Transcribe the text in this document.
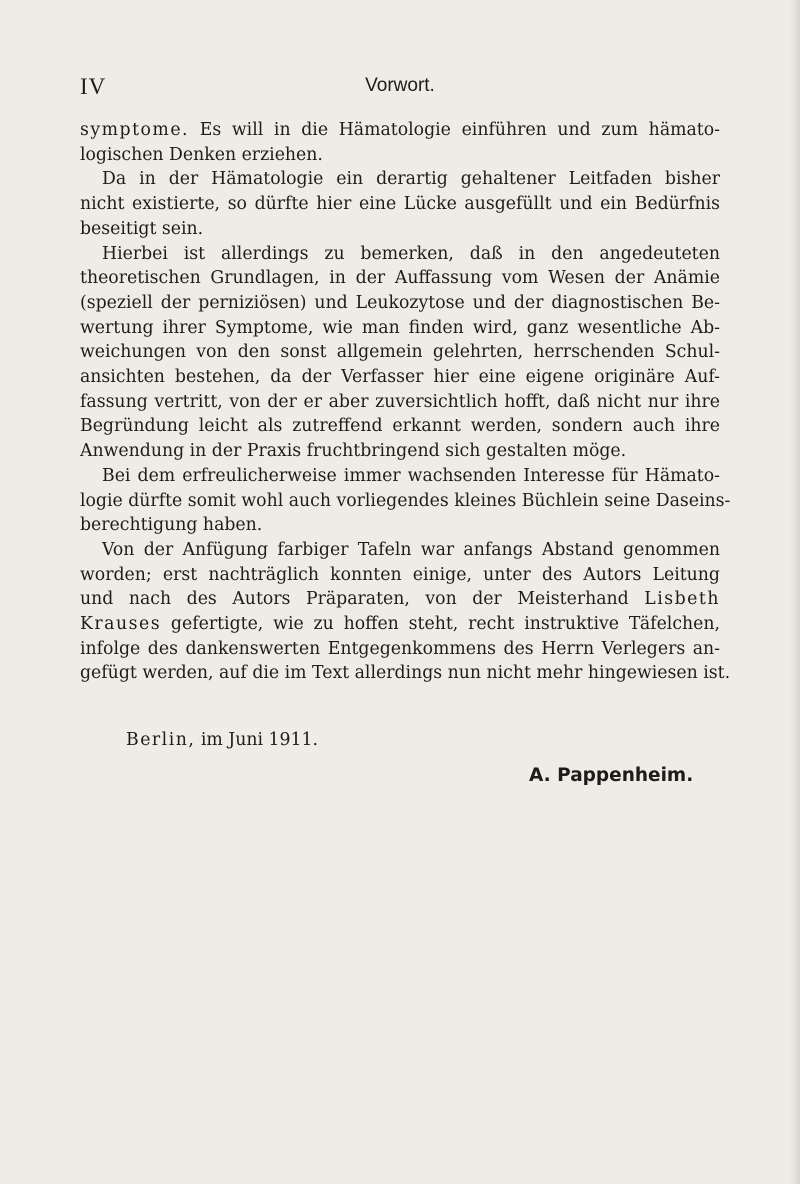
IV	Vorwort.

symptome. Es will in die Hämatologie einführen und zum hämato-
logischen Denken erziehen.

Da in der Hämatologie ein derartig gehaltener Leitfaden bisher
nicht existierte, so dürfte hier eine Lücke ausgefüllt und ein Bedürfnis
beseitigt sein.

Hierbei ist allerdings zu bemerken, daß in den angedeuteten
theoretischen Grundlagen, in der Auffassung vom Wesen der Anämie
(speziell der perniziösen) und Leukozytose und der diagnostischen Be-
wertung ihrer Symptome, wie man finden wird, ganz wesentliche Ab-
weichungen von den sonst allgemein gelehrten, herrschenden Schul-
ansichten bestehen, da der Verfasser hier eine eigene originäre Auf-
fassung vertritt, von der er aber zuversichtlich hofft, daß nicht nur ihre
Begründung leicht als zutreffend erkannt werden, sondern auch ihre
Anwendung in der Praxis fruchtbringend sich gestalten möge.

Bei dem erfreulicherweise immer wachsenden Interesse für Hämato-
logie dürfte somit wohl auch vorliegendes kleines Büchlein seine Daseins-
berechtigung haben.

Von der Anfügung farbiger Tafeln war anfangs Abstand genommen
worden; erst nachträglich konnten einige, unter des Autors Leitung
und nach des Autors Präparaten, von der Meisterhand Lisbeth
Krauses gefertigte, wie zu hoffen steht, recht instruktive Täfelchen,
infolge des dankenswerten Entgegenkommens des Herrn Verlegers an-
gefügt werden, auf die im Text allerdings nun nicht mehr hingewiesen ist.

Berlin, im Juni 1911.
A. Pappenheim.
